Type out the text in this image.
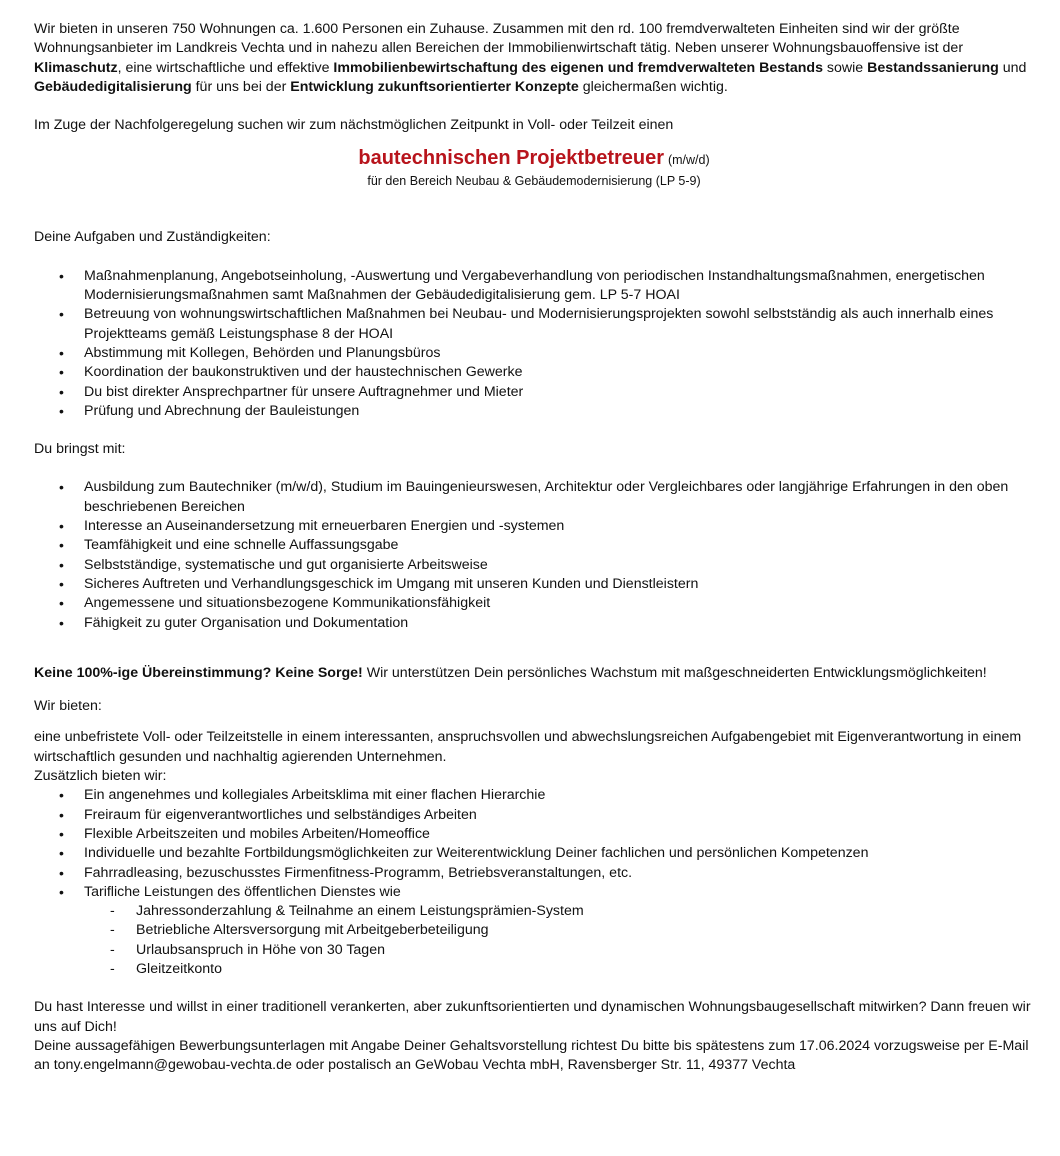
Wir bieten in unseren 750 Wohnungen ca. 1.600 Personen ein Zuhause. Zusammen mit den rd. 100 fremdverwalteten Einheiten sind wir der größte Wohnungsanbieter im Landkreis Vechta und in nahezu allen Bereichen der Immobilienwirtschaft tätig. Neben unserer Wohnungsbauoffensive ist der Klimaschutz, eine wirtschaftliche und effektive Immobilienbewirtschaftung des eigenen und fremdverwalteten Bestands sowie Bestandssanierung und Gebäudedigitalisierung für uns bei der Entwicklung zukunftsorientierter Konzepte gleichermaßen wichtig.

Im Zuge der Nachfolgeregelung suchen wir zum nächstmöglichen Zeitpunkt in Voll- oder Teilzeit einen

bautechnischen Projektbetreuer (m/w/d)
für den Bereich Neubau & Gebäudemodernisierung (LP 5-9)

Deine Aufgaben und Zuständigkeiten:

• Maßnahmenplanung, Angebotseinholung, -Auswertung und Vergabeverhandlung von periodischen Instandhaltungsmaßnahmen, energetischen Modernisierungsmaßnahmen samt Maßnahmen der Gebäudedigitalisierung gem. LP 5-7 HOAI
• Betreuung von wohnungswirtschaftlichen Maßnahmen bei Neubau- und Modernisierungsprojekten sowohl selbstständig als auch innerhalb eines Projektteams gemäß Leistungsphase 8 der HOAI
• Abstimmung mit Kollegen, Behörden und Planungsbüros
• Koordination der baukonstruktiven und der haustechnischen Gewerke
• Du bist direkter Ansprechpartner für unsere Auftragnehmer und Mieter
• Prüfung und Abrechnung der Bauleistungen

Du bringst mit:

• Ausbildung zum Bautechniker (m/w/d), Studium im Bauingenieurswesen, Architektur oder Vergleichbares oder langjährige Erfahrungen in den oben beschriebenen Bereichen
• Interesse an Auseinandersetzung mit erneuerbaren Energien und -systemen
• Teamfähigkeit und eine schnelle Auffassungsgabe
• Selbstständige, systematische und gut organisierte Arbeitsweise
• Sicheres Auftreten und Verhandlungsgeschick im Umgang mit unseren Kunden und Dienstleistern
• Angemessene und situationsbezogene Kommunikationsfähigkeit
• Fähigkeit zu guter Organisation und Dokumentation

Keine 100%-ige Übereinstimmung? Keine Sorge! Wir unterstützen Dein persönliches Wachstum mit maßgeschneiderten Entwicklungsmöglichkeiten!

Wir bieten:

eine unbefristete Voll- oder Teilzeitstelle in einem interessanten, anspruchsvollen und abwechslungsreichen Aufgabengebiet mit Eigenverantwortung in einem wirtschaftlich gesunden und nachhaltig agierenden Unternehmen.

Zusätzlich bieten wir:

• Ein angenehmes und kollegiales Arbeitsklima mit einer flachen Hierarchie
• Freiraum für eigenverantwortliches und selbständiges Arbeiten
• Flexible Arbeitszeiten und mobiles Arbeiten/Homeoffice
• Individuelle und bezahlte Fortbildungsmöglichkeiten zur Weiterentwicklung Deiner fachlichen und persönlichen Kompetenzen
• Fahrradleasing, bezuschusstes Firmenfitness-Programm, Betriebsveranstaltungen, etc.
• Tarifliche Leistungen des öffentlichen Dienstes wie
- Jahressonderzahlung & Teilnahme an einem Leistungsprämien-System
- Betriebliche Altersversorgung mit Arbeitgeberbeteiligung
- Urlaubsanspruch in Höhe von 30 Tagen
- Gleitzeitkonto

Du hast Interesse und willst in einer traditionell verankerten, aber zukunftsorientierten und dynamischen Wohnungsbaugesellschaft mitwirken? Dann freuen wir uns auf Dich!

Deine aussagefähigen Bewerbungsunterlagen mit Angabe Deiner Gehaltsvorstellung richtest Du bitte bis spätestens zum 17.06.2024 vorzugsweise per E-Mail an tony.engelmann@gewobau-vechta.de oder postalisch an GeWobau Vechta mbH, Ravensberger Str. 11, 49377 Vechta
